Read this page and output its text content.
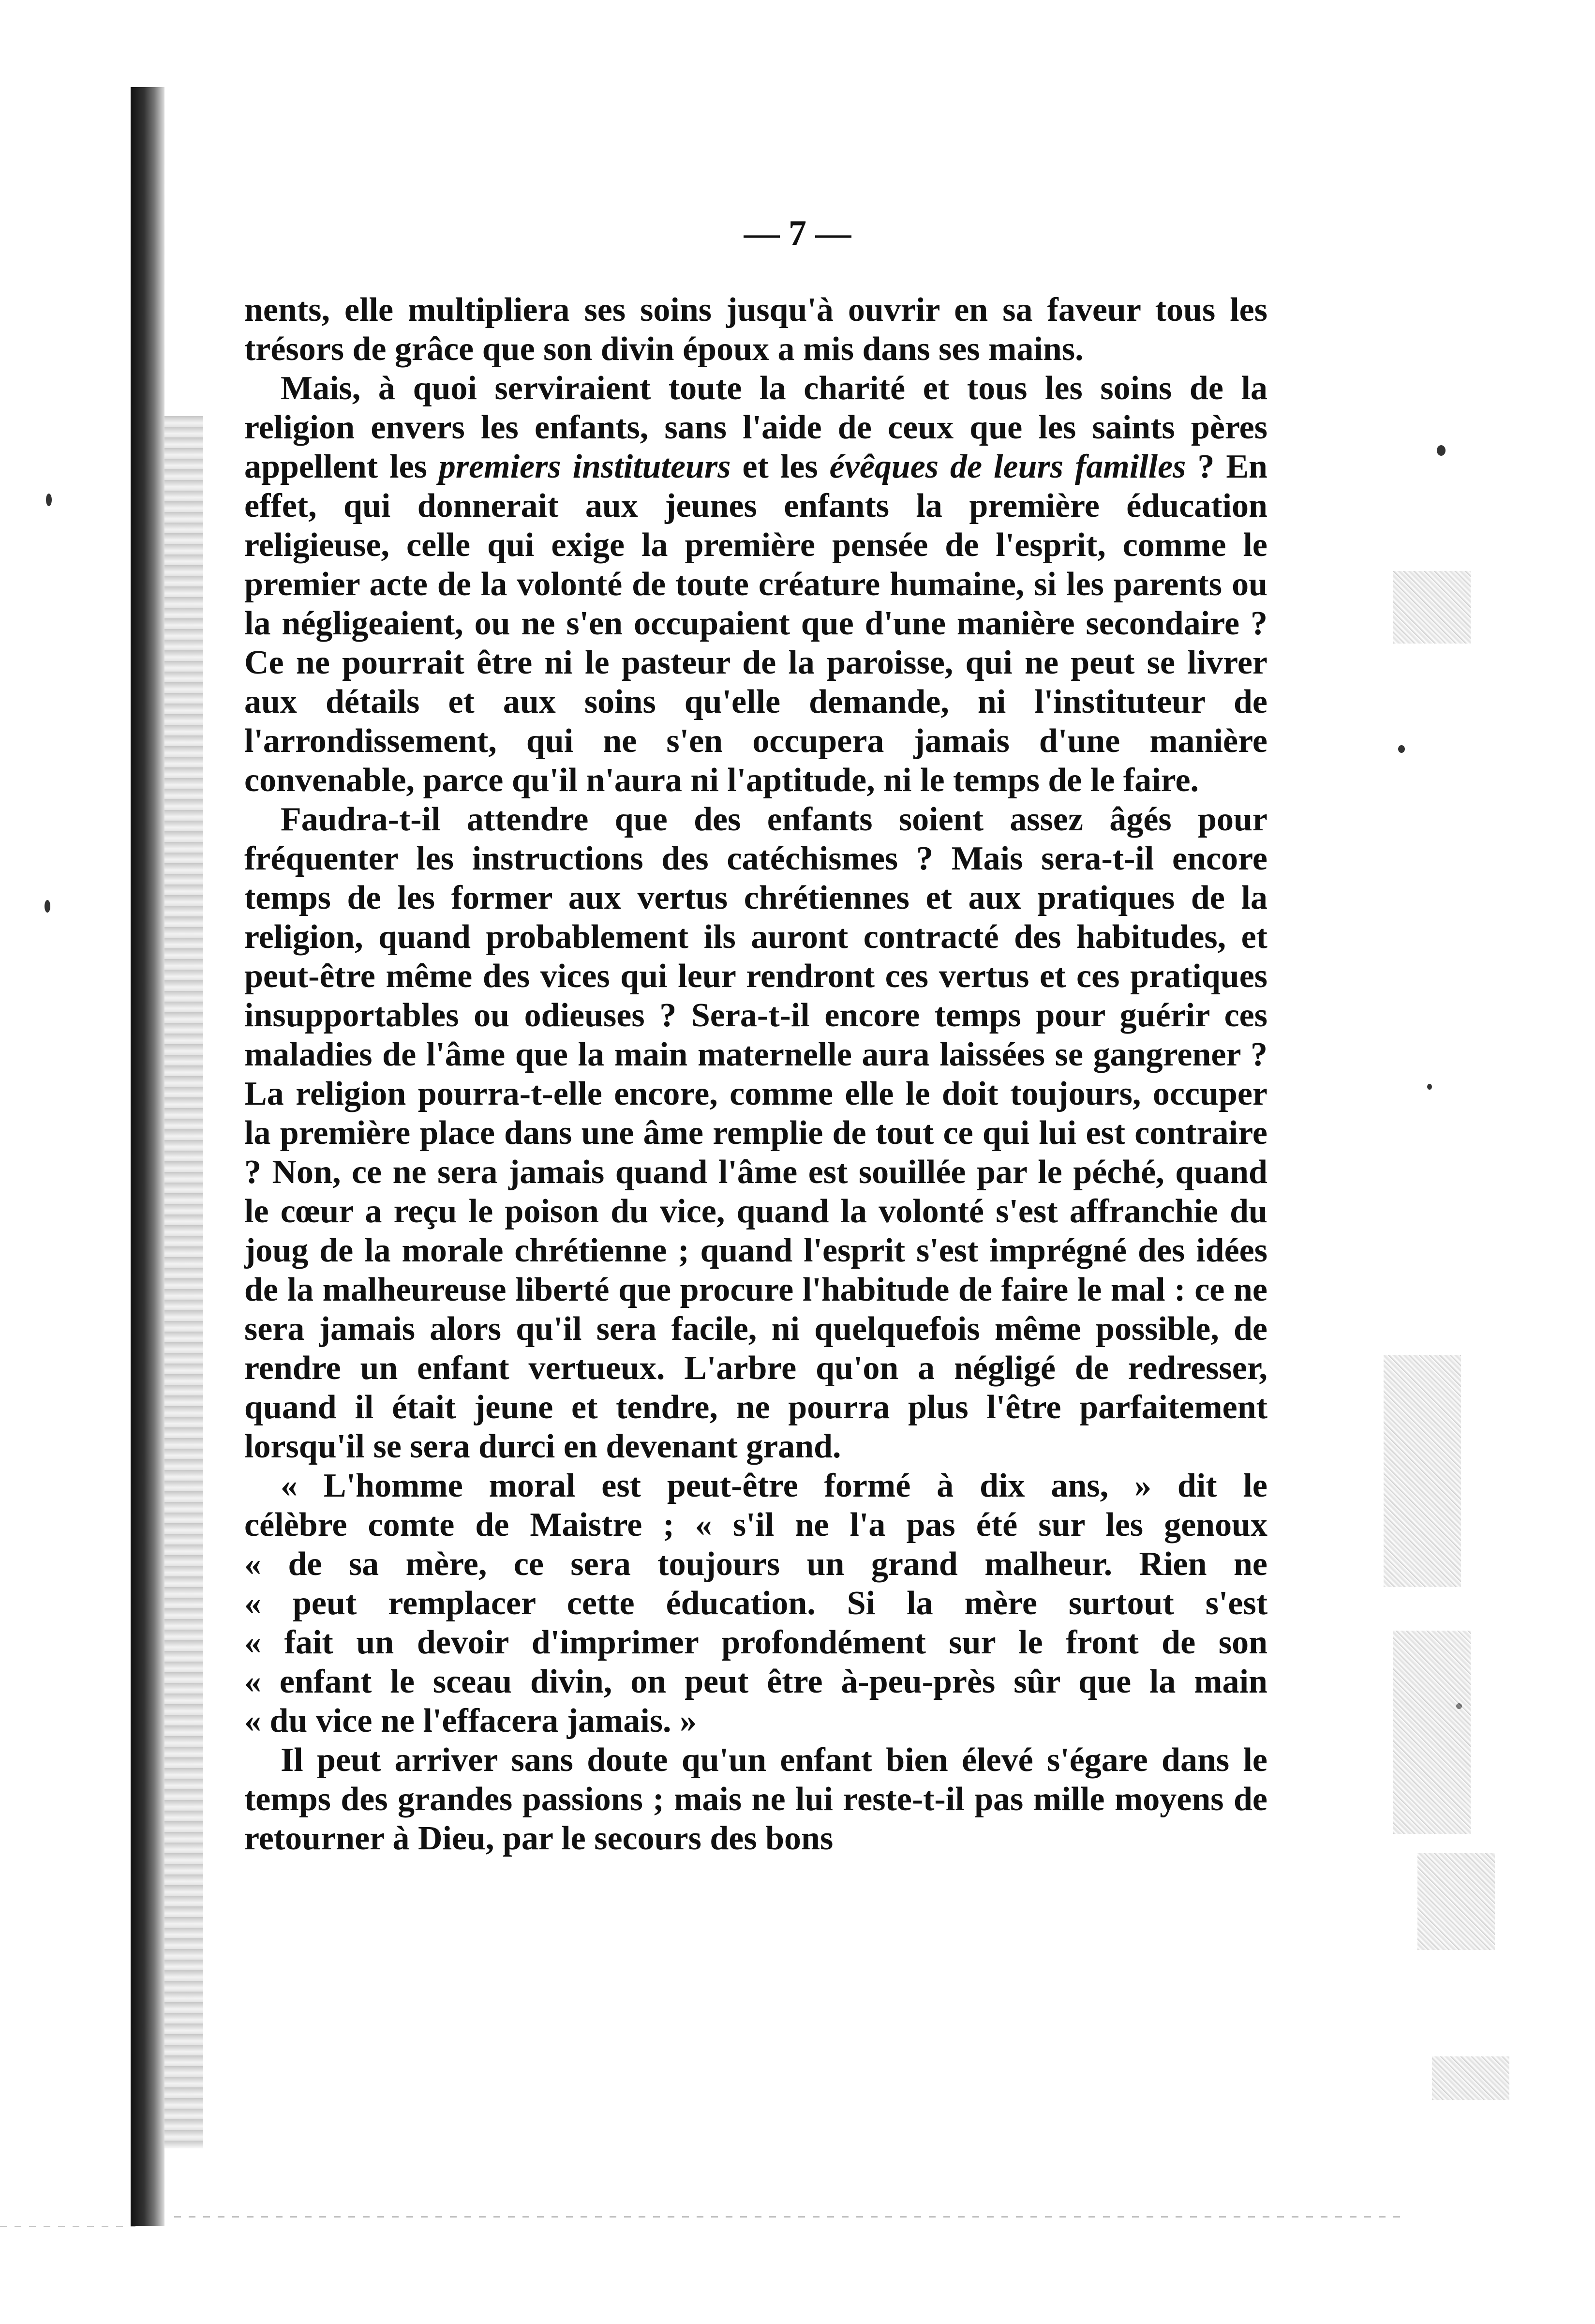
— 7 —

nents, elle multipliera ses soins jusqu'à ouvrir en sa faveur tous les trésors de grâce que son divin époux a mis dans ses mains.

Mais, à quoi serviraient toute la charité et tous les soins de la religion envers les enfants, sans l'aide de ceux que les saints pères appellent les premiers instituteurs et les évêques de leurs familles ? En effet, qui donnerait aux jeunes enfants la première éducation religieuse, celle qui exige la première pensée de l'esprit, comme le premier acte de la volonté de toute créature humaine, si les parents ou la négligeaient, ou ne s'en occupaient que d'une manière secondaire ? Ce ne pourrait être ni le pasteur de la paroisse, qui ne peut se livrer aux détails et aux soins qu'elle demande, ni l'instituteur de l'arrondissement, qui ne s'en occupera jamais d'une manière convenable, parce qu'il n'aura ni l'aptitude, ni le temps de le faire.

Faudra-t-il attendre que des enfants soient assez âgés pour fréquenter les instructions des catéchismes ? Mais sera-t-il encore temps de les former aux vertus chrétiennes et aux pratiques de la religion, quand probablement ils auront contracté des habitudes, et peut-être même des vices qui leur rendront ces vertus et ces pratiques insupportables ou odieuses ? Sera-t-il encore temps pour guérir ces maladies de l'âme que la main maternelle aura laissées se gangrener ? La religion pourra-t-elle encore, comme elle le doit toujours, occuper la première place dans une âme remplie de tout ce qui lui est contraire ? Non, ce ne sera jamais quand l'âme est souillée par le péché, quand le cœur a reçu le poison du vice, quand la volonté s'est affranchie du joug de la morale chrétienne ; quand l'esprit s'est imprégné des idées de la malheureuse liberté que procure l'habitude de faire le mal : ce ne sera jamais alors qu'il sera facile, ni quelquefois même possible, de rendre un enfant vertueux. L'arbre qu'on a négligé de redresser, quand il était jeune et tendre, ne pourra plus l'être parfaitement lorsqu'il se sera durci en devenant grand.

« L'homme moral est peut-être formé à dix ans, » dit le
célèbre comte de Maistre ; « s'il ne l'a pas été sur les genoux
« de sa mère, ce sera toujours un grand malheur. Rien ne
« peut remplacer cette éducation. Si la mère surtout s'est
« fait un devoir d'imprimer profondément sur le front de son
« enfant le sceau divin, on peut être à-peu-près sûr que la main
« du vice ne l'effacera jamais. »

Il peut arriver sans doute qu'un enfant bien élevé s'égare dans le temps des grandes passions ; mais ne lui reste-t-il pas mille moyens de retourner à Dieu, par le secours des bons
